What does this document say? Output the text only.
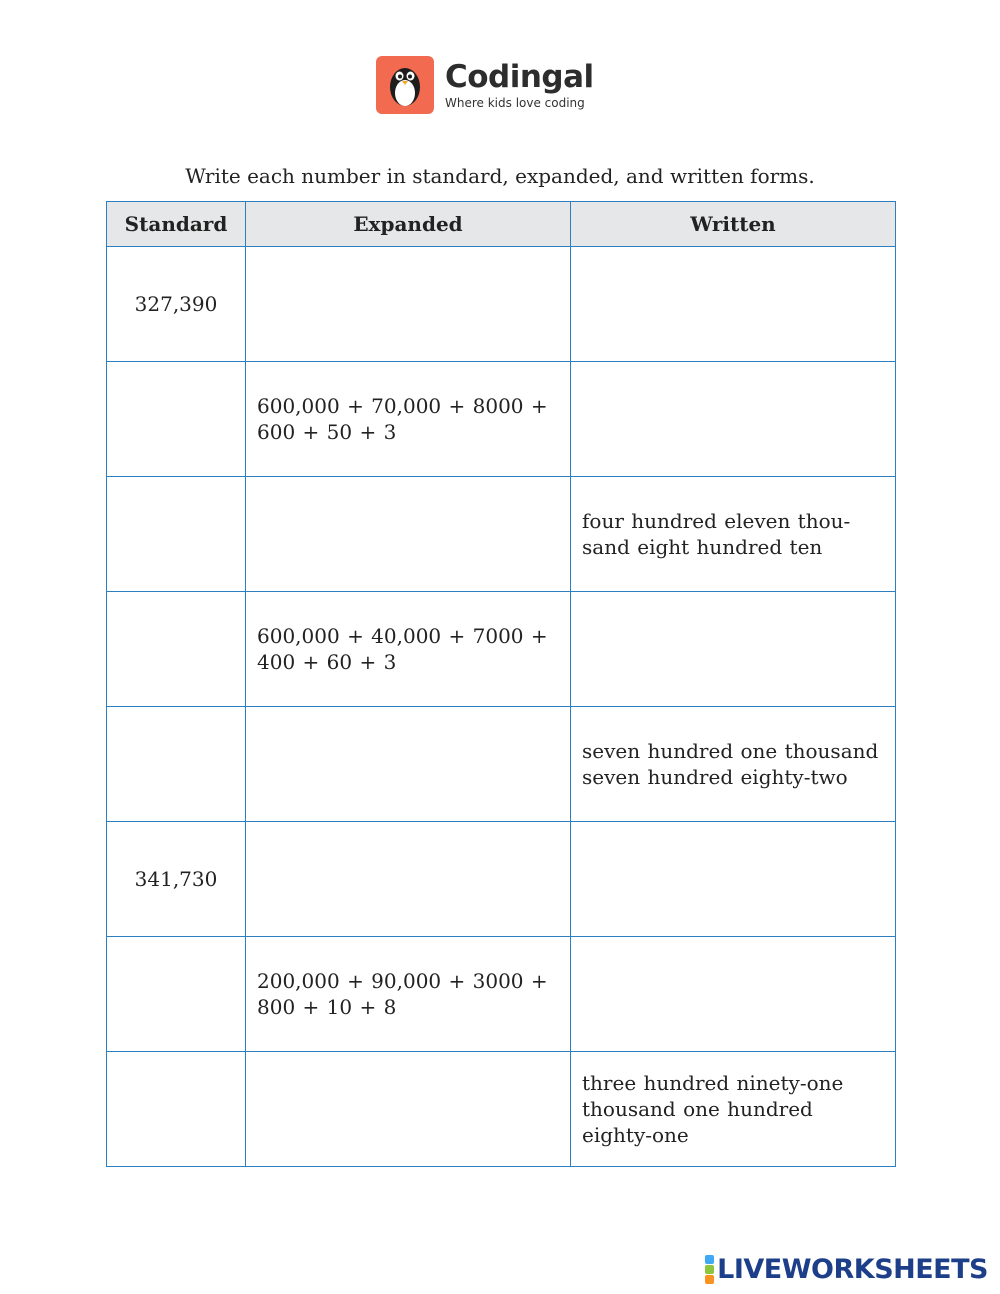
Codingal
Where kids love coding
Write each number in standard, expanded, and written forms.
Standard	Expanded	Written
327,390		
	600,000 + 70,000 + 8000 + 600 + 50 + 3	
		four hundred eleven thou-sand eight hundred ten
	600,000 + 40,000 + 7000 + 400 + 60 + 3	
		seven hundred one thousand seven hundred eighty-two
341,730		
	200,000 + 90,000 + 3000 + 800 + 10 + 8	
		three hundred ninety-one thousand one hundred eighty-one
LIVEWORKSHEETS
